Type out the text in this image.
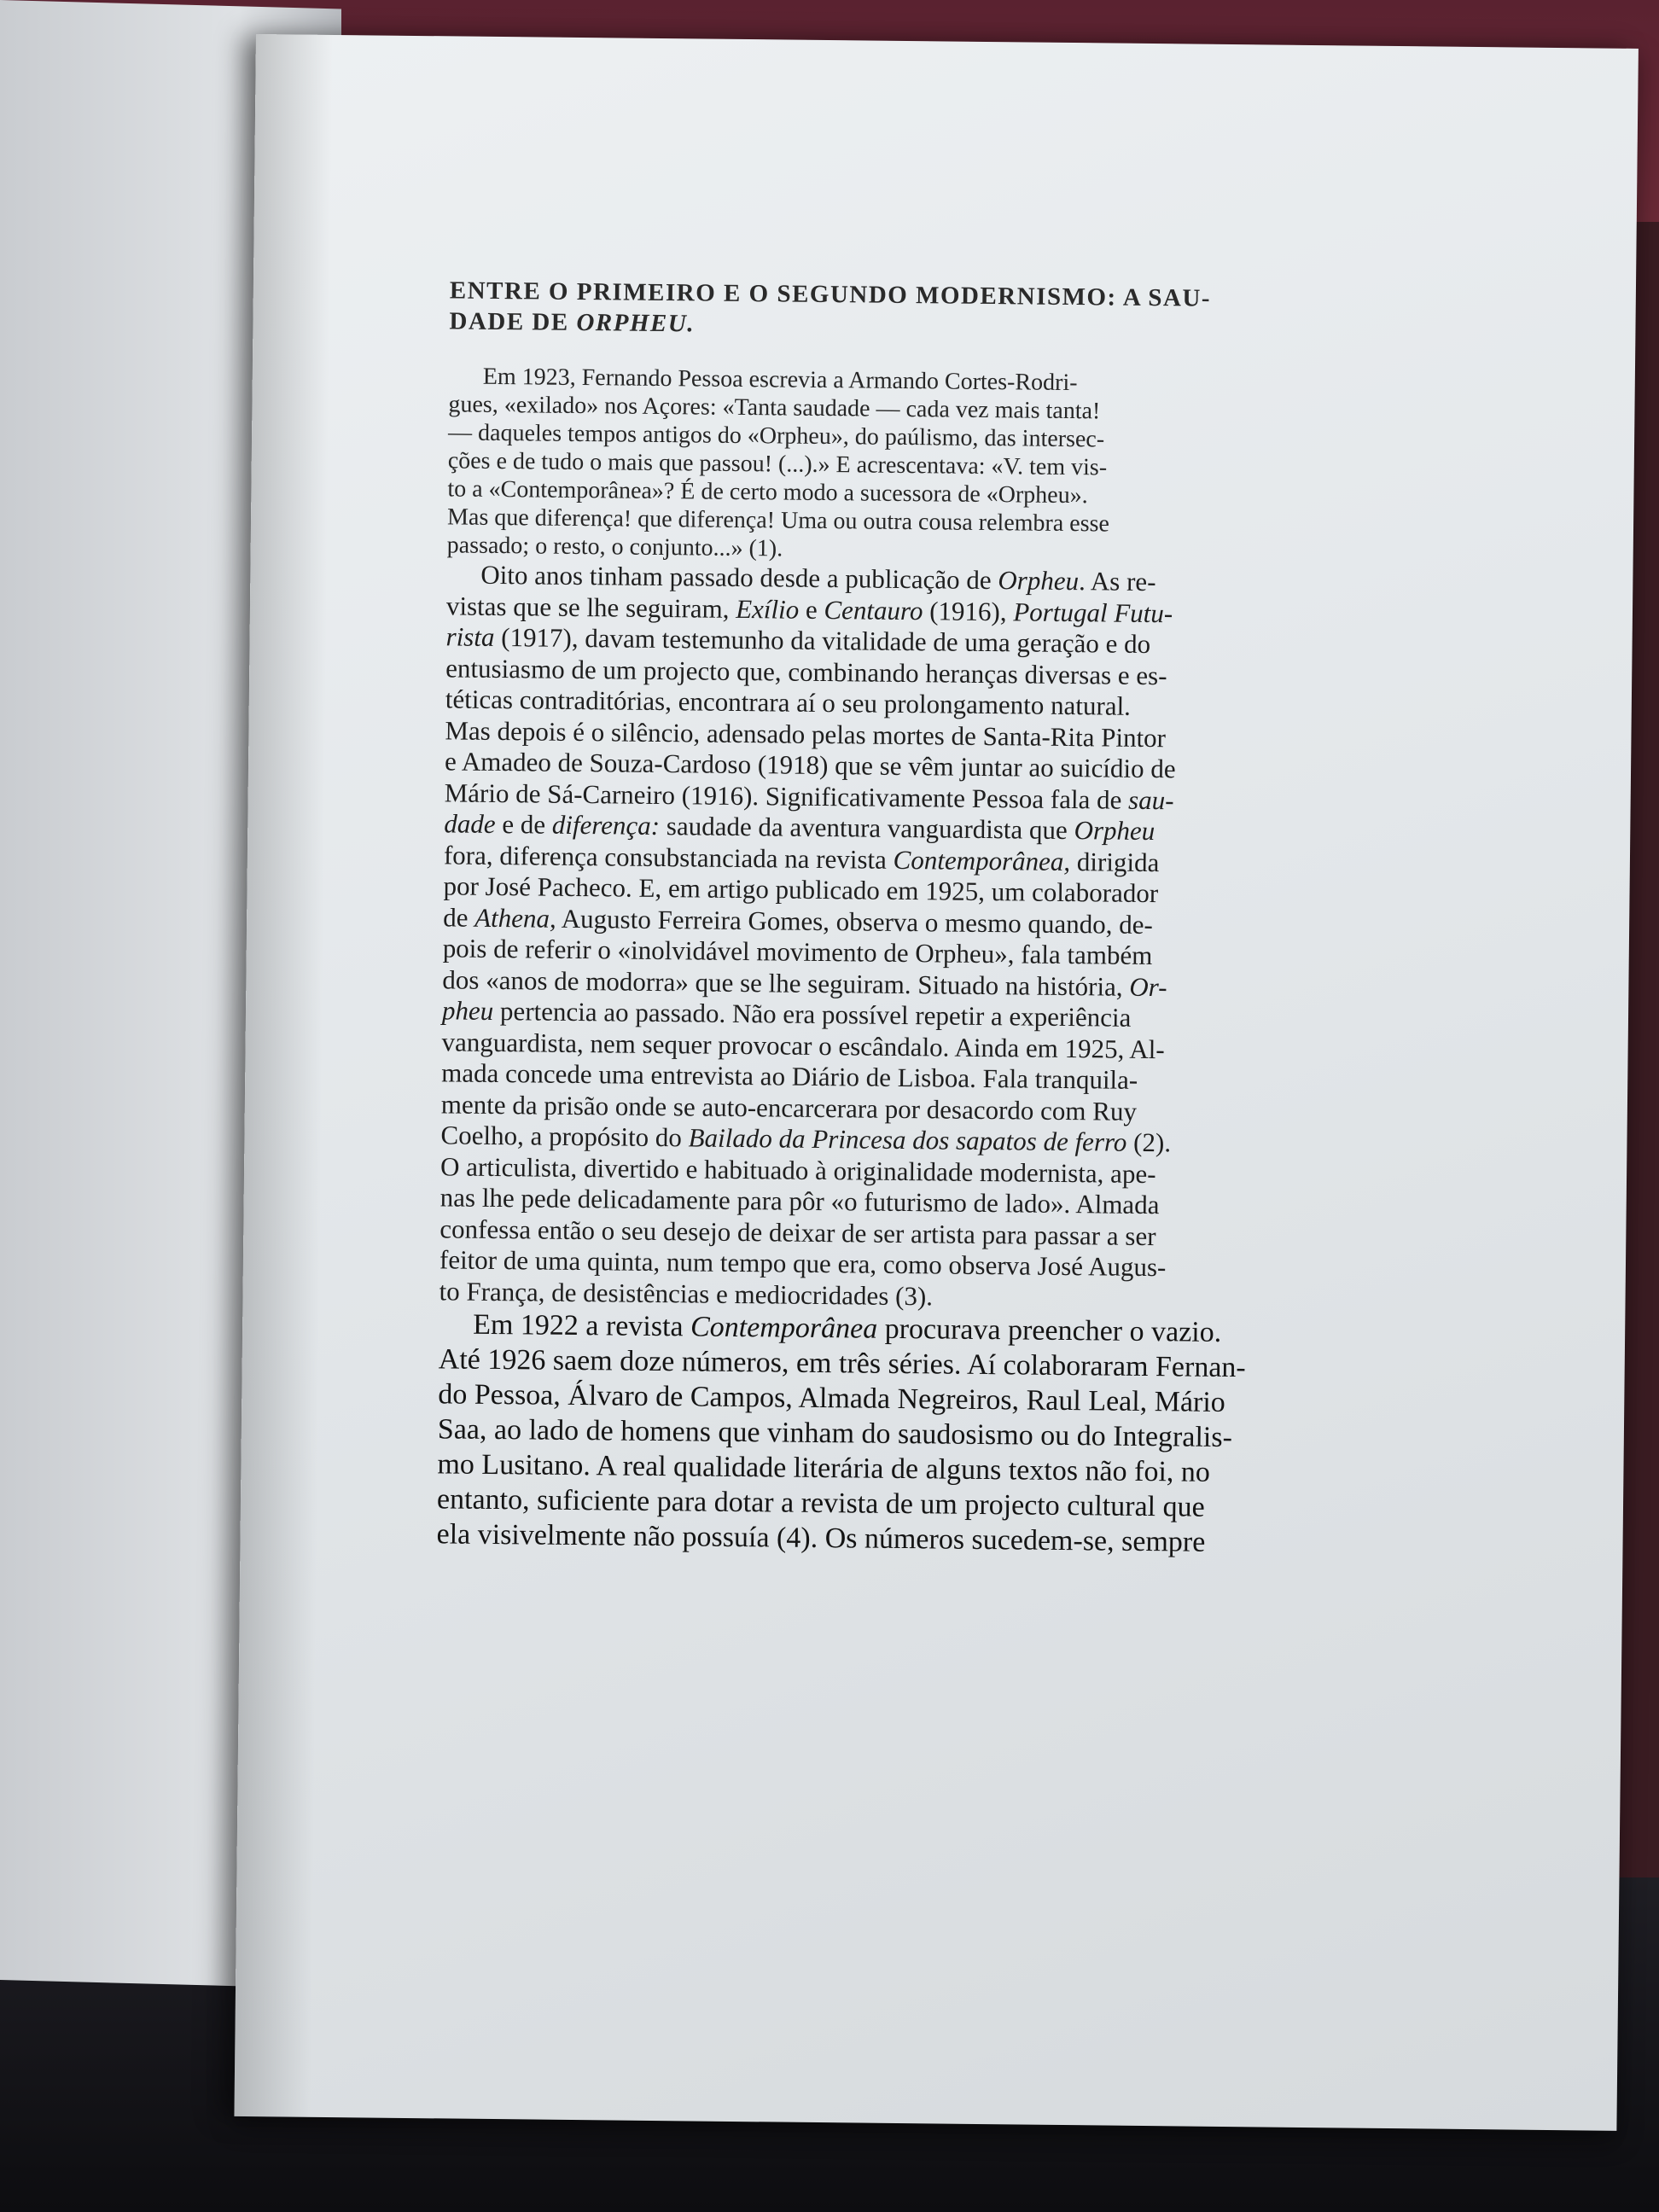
ENTRE O PRIMEIRO E O SEGUNDO MODERNISMO: A SAU-
DADE DE ORPHEU.
Em 1923, Fernando Pessoa escrevia a Armando Cortes-Rodri-
gues, «exilado» nos Açores: «Tanta saudade — cada vez mais tanta!
— daqueles tempos antigos do «Orpheu», do paúlismo, das intersec-
ções e de tudo o mais que passou! (...).» E acrescentava: «V. tem vis-
to a «Contemporânea»? É de certo modo a sucessora de «Orpheu».
Mas que diferença! que diferença! Uma ou outra cousa relembra esse
passado; o resto, o conjunto...» (1).
Oito anos tinham passado desde a publicação de Orpheu. As re-
vistas que se lhe seguiram, Exílio e Centauro (1916), Portugal Futu-
rista (1917), davam testemunho da vitalidade de uma geração e do
entusiasmo de um projecto que, combinando heranças diversas e es-
téticas contraditórias, encontrara aí o seu prolongamento natural.
Mas depois é o silêncio, adensado pelas mortes de Santa-Rita Pintor
e Amadeo de Souza-Cardoso (1918) que se vêm juntar ao suicídio de
Mário de Sá-Carneiro (1916). Significativamente Pessoa fala de sau-
dade e de diferença: saudade da aventura vanguardista que Orpheu
fora, diferença consubstanciada na revista Contemporânea, dirigida
por José Pacheco. E, em artigo publicado em 1925, um colaborador
de Athena, Augusto Ferreira Gomes, observa o mesmo quando, de-
pois de referir o «inolvidável movimento de Orpheu», fala também
dos «anos de modorra» que se lhe seguiram. Situado na história, Or-
pheu pertencia ao passado. Não era possível repetir a experiência
vanguardista, nem sequer provocar o escândalo. Ainda em 1925, Al-
mada concede uma entrevista ao Diário de Lisboa. Fala tranquila-
mente da prisão onde se auto-encarcerara por desacordo com Ruy
Coelho, a propósito do Bailado da Princesa dos sapatos de ferro (2).
O articulista, divertido e habituado à originalidade modernista, ape-
nas lhe pede delicadamente para pôr «o futurismo de lado». Almada
confessa então o seu desejo de deixar de ser artista para passar a ser
feitor de uma quinta, num tempo que era, como observa José Augus-
to França, de desistências e mediocridades (3).
Em 1922 a revista Contemporânea procurava preencher o vazio.
Até 1926 saem doze números, em três séries. Aí colaboraram Fernan-
do Pessoa, Álvaro de Campos, Almada Negreiros, Raul Leal, Mário
Saa, ao lado de homens que vinham do saudosismo ou do Integralis-
mo Lusitano. A real qualidade literária de alguns textos não foi, no
entanto, suficiente para dotar a revista de um projecto cultural que
ela visivelmente não possuía (4). Os números sucedem-se, sempre
